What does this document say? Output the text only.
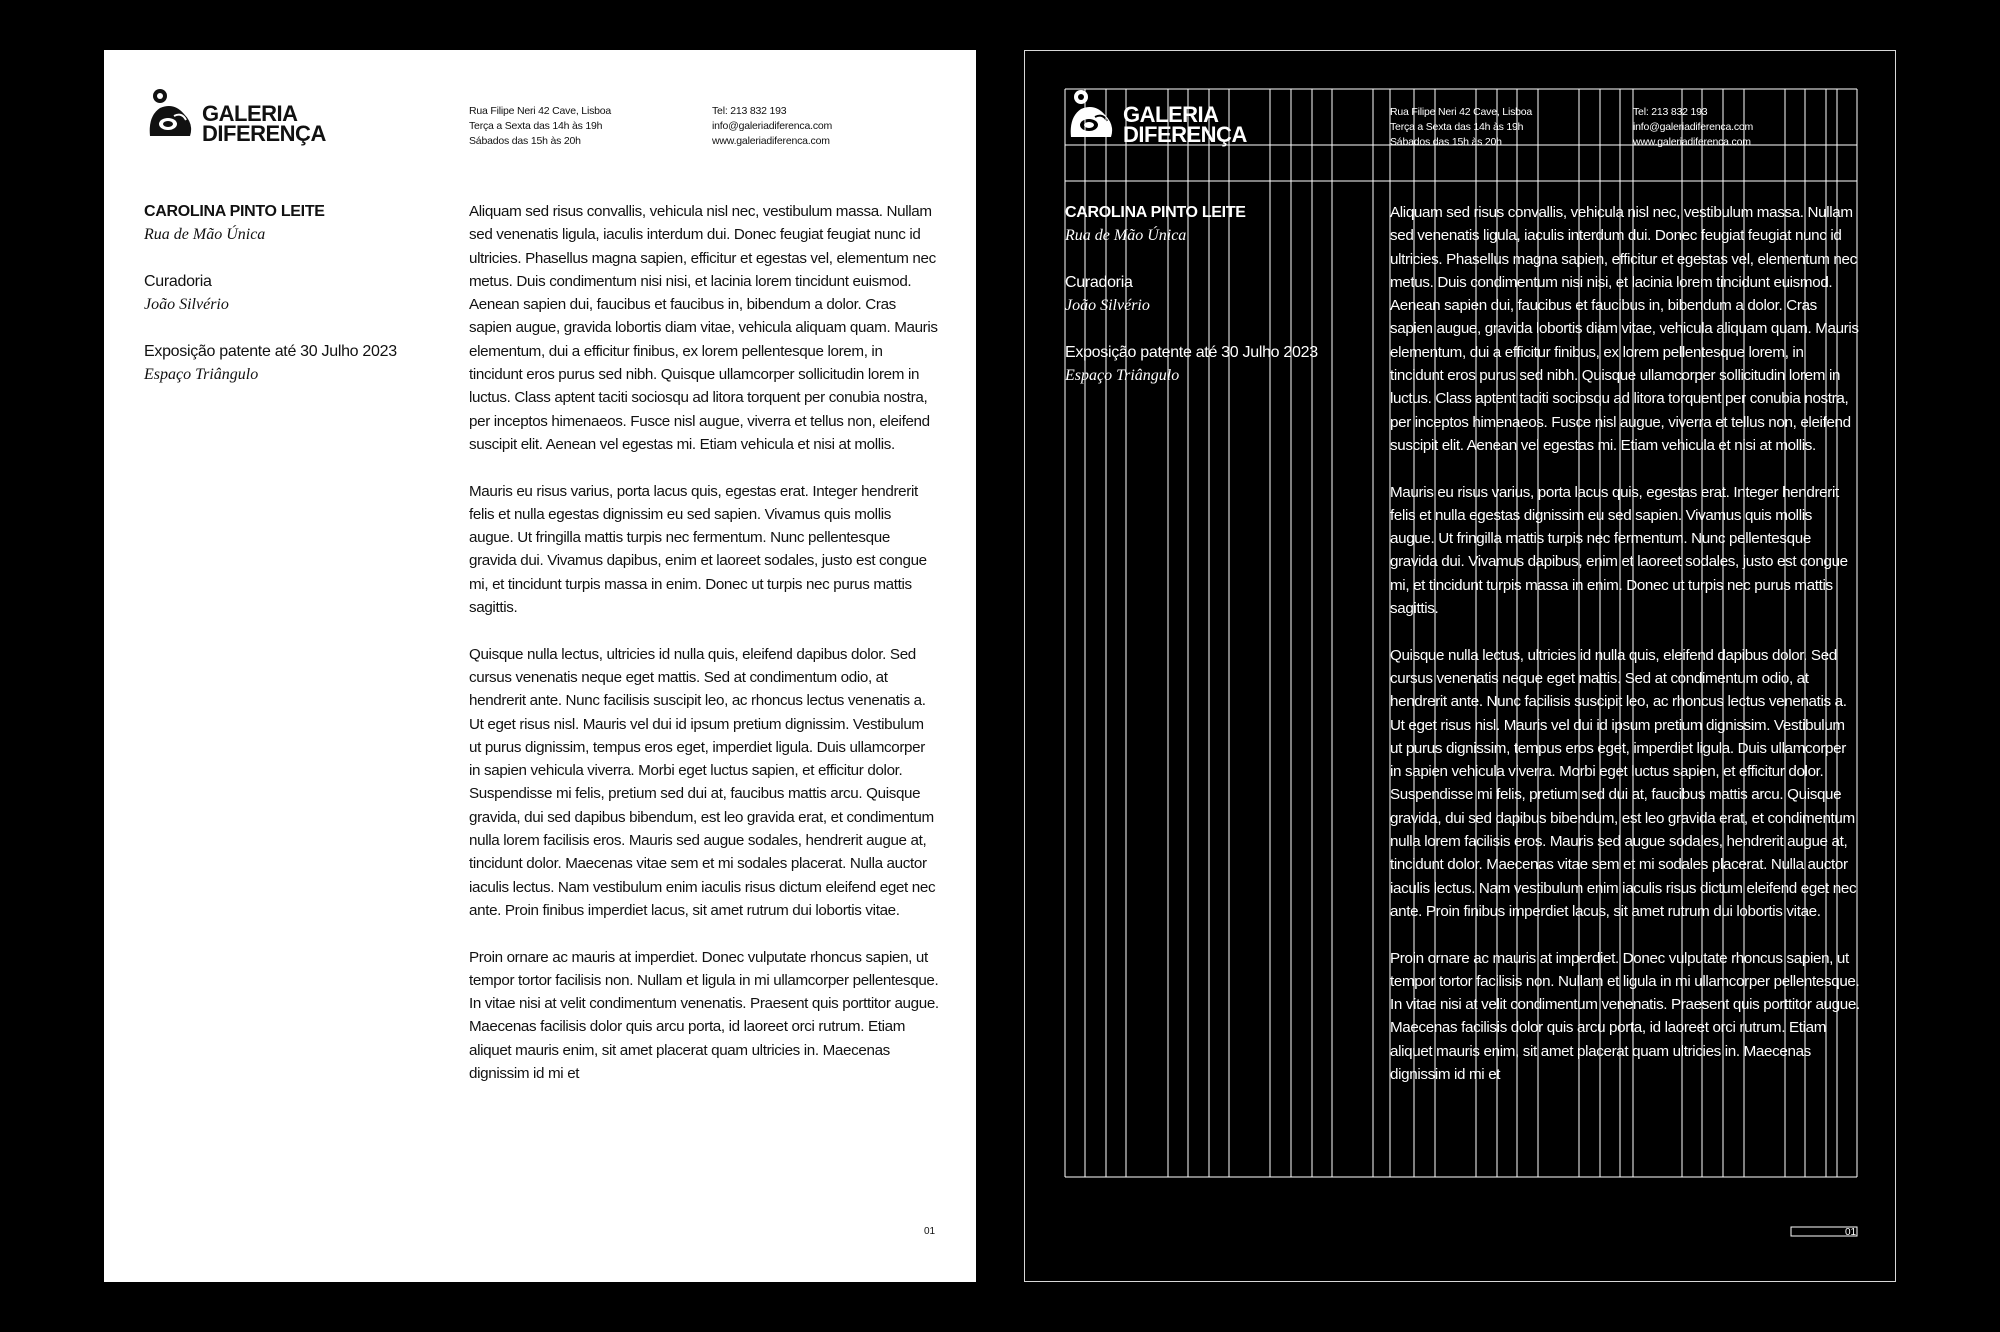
GALERIA
DIFERENÇA
Rua Filipe Neri 42 Cave, Lisboa
Terça a Sexta das 14h às 19h
Sábados das 15h às 20h
Tel: 213 832 193
info@galeriadiferenca.com
www.galeriadiferenca.com
CAROLINA PINTO LEITE
Rua de Mão Única
Curadoria
João Silvério
Exposição patente até 30 Julho 2023
Espaço Triângulo

Aliquam sed risus convallis, vehicula nisl nec, vestibulum massa. Nullam sed venenatis ligula, iaculis interdum dui. Donec feugiat feugiat nunc id ultricies. Phasellus magna sapien, efficitur et egestas vel, elementum nec metus. Duis condimentum nisi nisi, et lacinia lorem tincidunt euismod. Aenean sapien dui, faucibus et faucibus in, bibendum a dolor. Cras sapien augue, gravida lobortis diam vitae, vehicula aliquam quam. Mauris elementum, dui a efficitur finibus, ex lorem pellentesque lorem, in tincidunt eros purus sed nibh. Quisque ullamcorper sollicitudin lorem in luctus. Class aptent taciti sociosqu ad litora torquent per conubia nostra, per inceptos himenaeos. Fusce nisl augue, viverra et tellus non, eleifend suscipit elit. Aenean vel egestas mi. Etiam vehicula et nisi at mollis.

Mauris eu risus varius, porta lacus quis, egestas erat. Integer hendrerit felis et nulla egestas dignissim eu sed sapien. Vivamus quis mollis augue. Ut fringilla mattis turpis nec fermentum. Nunc pellentesque gravida dui. Vivamus dapibus, enim et laoreet sodales, justo est congue mi, et tincidunt turpis massa in enim. Donec ut turpis nec purus mattis sagittis.

Quisque nulla lectus, ultricies id nulla quis, eleifend dapibus dolor. Sed cursus venenatis neque eget mattis. Sed at condimentum odio, at hendrerit ante. Nunc facilisis suscipit leo, ac rhoncus lectus venenatis a. Ut eget risus nisl. Mauris vel dui id ipsum pretium dignissim. Vestibulum ut purus dignissim, tempus eros eget, imperdiet ligula. Duis ullamcorper in sapien vehicula viverra. Morbi eget luctus sapien, et efficitur dolor. Suspendisse mi felis, pretium sed dui at, faucibus mattis arcu. Quisque gravida, dui sed dapibus bibendum, est leo gravida erat, et condimentum nulla lorem facilisis eros. Mauris sed augue sodales, hendrerit augue at, tincidunt dolor. Maecenas vitae sem et mi sodales placerat. Nulla auctor iaculis lectus. Nam vestibulum enim iaculis risus dictum eleifend eget nec ante. Proin finibus imperdiet lacus, sit amet rutrum dui lobortis vitae.

Proin ornare ac mauris at imperdiet. Donec vulputate rhoncus sapien, ut tempor tortor facilisis non. Nullam et ligula in mi ullamcorper pellentesque. In vitae nisi at velit condimentum venenatis. Praesent quis porttitor augue. Maecenas facilisis dolor quis arcu porta, id laoreet orci rutrum. Etiam aliquet mauris enim, sit amet placerat quam ultricies in. Maecenas dignissim id mi et

01
GALERIA
DIFERENÇA
Rua Filipe Neri 42 Cave, Lisboa
Terça a Sexta das 14h às 19h
Sábados das 15h às 20h
Tel: 213 832 193
info@galeriadiferenca.com
www.galeriadiferenca.com
CAROLINA PINTO LEITE
Rua de Mão Única
Curadoria
João Silvério
Exposição patente até 30 Julho 2023
Espaço Triângulo

Aliquam sed risus convallis, vehicula nisl nec, vestibulum massa. Nullam sed venenatis ligula, iaculis interdum dui. Donec feugiat feugiat nunc id ultricies. Phasellus magna sapien, efficitur et egestas vel, elementum nec metus. Duis condimentum nisi nisi, et lacinia lorem tincidunt euismod. Aenean sapien dui, faucibus et faucibus in, bibendum a dolor. Cras sapien augue, gravida lobortis diam vitae, vehicula aliquam quam. Mauris elementum, dui a efficitur finibus, ex lorem pellentesque lorem, in tincidunt eros purus sed nibh. Quisque ullamcorper sollicitudin lorem in luctus. Class aptent taciti sociosqu ad litora torquent per conubia nostra, per inceptos himenaeos. Fusce nisl augue, viverra et tellus non, eleifend suscipit elit. Aenean vel egestas mi. Etiam vehicula et nisi at mollis.

Mauris eu risus varius, porta lacus quis, egestas erat. Integer hendrerit felis et nulla egestas dignissim eu sed sapien. Vivamus quis mollis augue. Ut fringilla mattis turpis nec fermentum. Nunc pellentesque gravida dui. Vivamus dapibus, enim et laoreet sodales, justo est congue mi, et tincidunt turpis massa in enim. Donec ut turpis nec purus mattis sagittis.

Quisque nulla lectus, ultricies id nulla quis, eleifend dapibus dolor. Sed cursus venenatis neque eget mattis. Sed at condimentum odio, at hendrerit ante. Nunc facilisis suscipit leo, ac rhoncus lectus venenatis a. Ut eget risus nisl. Mauris vel dui id ipsum pretium dignissim. Vestibulum ut purus dignissim, tempus eros eget, imperdiet ligula. Duis ullamcorper in sapien vehicula viverra. Morbi eget luctus sapien, et efficitur dolor. Suspendisse mi felis, pretium sed dui at, faucibus mattis arcu. Quisque gravida, dui sed dapibus bibendum, est leo gravida erat, et condimentum nulla lorem facilisis eros. Mauris sed augue sodales, hendrerit augue at, tincidunt dolor. Maecenas vitae sem et mi sodales placerat. Nulla auctor iaculis lectus. Nam vestibulum enim iaculis risus dictum eleifend eget nec ante. Proin finibus imperdiet lacus, sit amet rutrum dui lobortis vitae.

Proin ornare ac mauris at imperdiet. Donec vulputate rhoncus sapien, ut tempor tortor facilisis non. Nullam et ligula in mi ullamcorper pellentesque. In vitae nisi at velit condimentum venenatis. Praesent quis porttitor augue. Maecenas facilisis dolor quis arcu porta, id laoreet orci rutrum. Etiam aliquet mauris enim, sit amet placerat quam ultricies in. Maecenas dignissim id mi et

01
